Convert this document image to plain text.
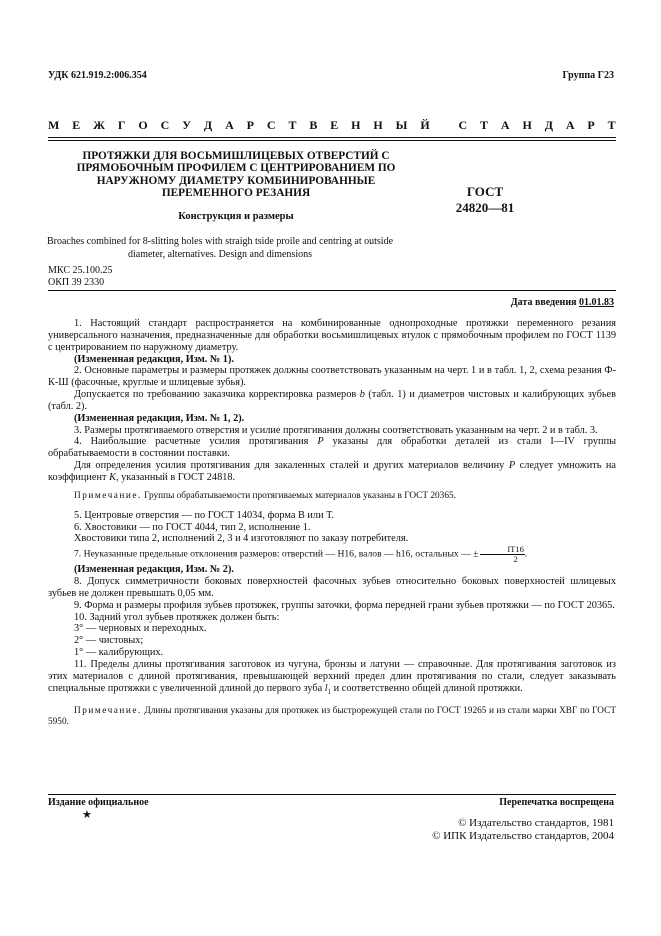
УДК 621.919.2:006.354	Группа Г23
М Е Ж Г О С У Д А Р С Т В Е Н Н Ы Й
С Т А Н Д А Р Т
ПРОТЯЖКИ ДЛЯ ВОСЬМИШЛИЦЕВЫХ ОТВЕРСТИЙ С ПРЯМОБОЧНЫМ ПРОФИЛЕМ С ЦЕНТРИРОВАНИЕМ ПО НАРУЖНОМУ ДИАМЕТРУ КОМБИНИРОВАННЫЕ ПЕРЕМЕННОГО РЕЗАНИЯ
Конструкция и размеры
ГОСТ
24820—81
Broaches combined for 8-slitting holes with straigh tside proile and centring at outside diameter, alternatives. Design and dimensions
МКС 25.100.25
ОКП 39 2330
Дата введения 01.01.83

1. Настоящий стандарт распространяется на комбинированные однопроходные протяжки переменного резания универсального назначения, предназначенные для обработки восьмишлицевых втулок с прямобочным профилем по ГОСТ 1139 с центрированием по наружному диаметру.

(Измененная редакция, Изм. № 1).

2. Основные параметры и размеры протяжек должны соответствовать указанным на черт. 1 и в табл. 1, 2, схема резания Ф-К-Ш (фасочные, круглые и шлицевые зубья).

Допускается по требованию заказчика корректировка размеров b (табл. 1) и диаметров чистовых и калибрующих зубьев (табл. 2).

(Измененная редакция, Изм. № 1, 2).

3. Размеры протягиваемого отверстия и усилие протягивания должны соответствовать указанным на черт. 2 и в табл. 3.

4. Наибольшие расчетные усилия протягивания P указаны для обработки деталей из стали I—IV группы обрабатываемости в состоянии поставки.

Для определения усилия протягивания для закаленных сталей и других материалов величину P следует умножить на коэффициент K, указанный в ГОСТ 24818.

Примечание. Группы обрабатываемости протягиваемых материалов указаны в ГОСТ 20365.

5. Центровые отверстия — по ГОСТ 14034, форма В или Т.

6. Хвостовики — по ГОСТ 4044, тип 2, исполнение 1.

Хвостовики типа 2, исполнений 2, 3 и 4 изготовляют по заказу потребителя.

7. Неуказанные предельные отклонения размеров: отверстий — Н16, валов — h16, остальных — ± $\frac{IT16}{2}$ .

(Измененная редакция, Изм. № 2).

8. Допуск симметричности боковых поверхностей фасочных зубьев относительно боковых поверхностей шлицевых зубьев не должен превышать 0,05 мм.

9. Форма и размеры профиля зубьев протяжек, группы заточки, форма передней грани зубьев протяжки — по ГОСТ 20365.

10. Задний угол зубьев протяжек должен быть:

3° — черновых и переходных.

2° — чистовых;

1° — калибрующих.

11. Пределы длины протягивания заготовок из чугуна, бронзы и латуни — справочные. Для протягивания заготовок из этих материалов с длиной протягивания, превышающей верхний предел длин протягивания по стали, следует заказывать специальные протяжки с увеличенной длиной до первого зуба $l_1$ и соответственно общей длиной протяжки.

Примечание. Длины протягивания указаны для протяжек из быстрорежущей стали по ГОСТ 19265 и из стали марки ХВГ по ГОСТ 5950.

Издание официальное
★
Перепечатка воспрещена
© Издательство стандартов, 1981
© ИПК Издательство стандартов, 2004
